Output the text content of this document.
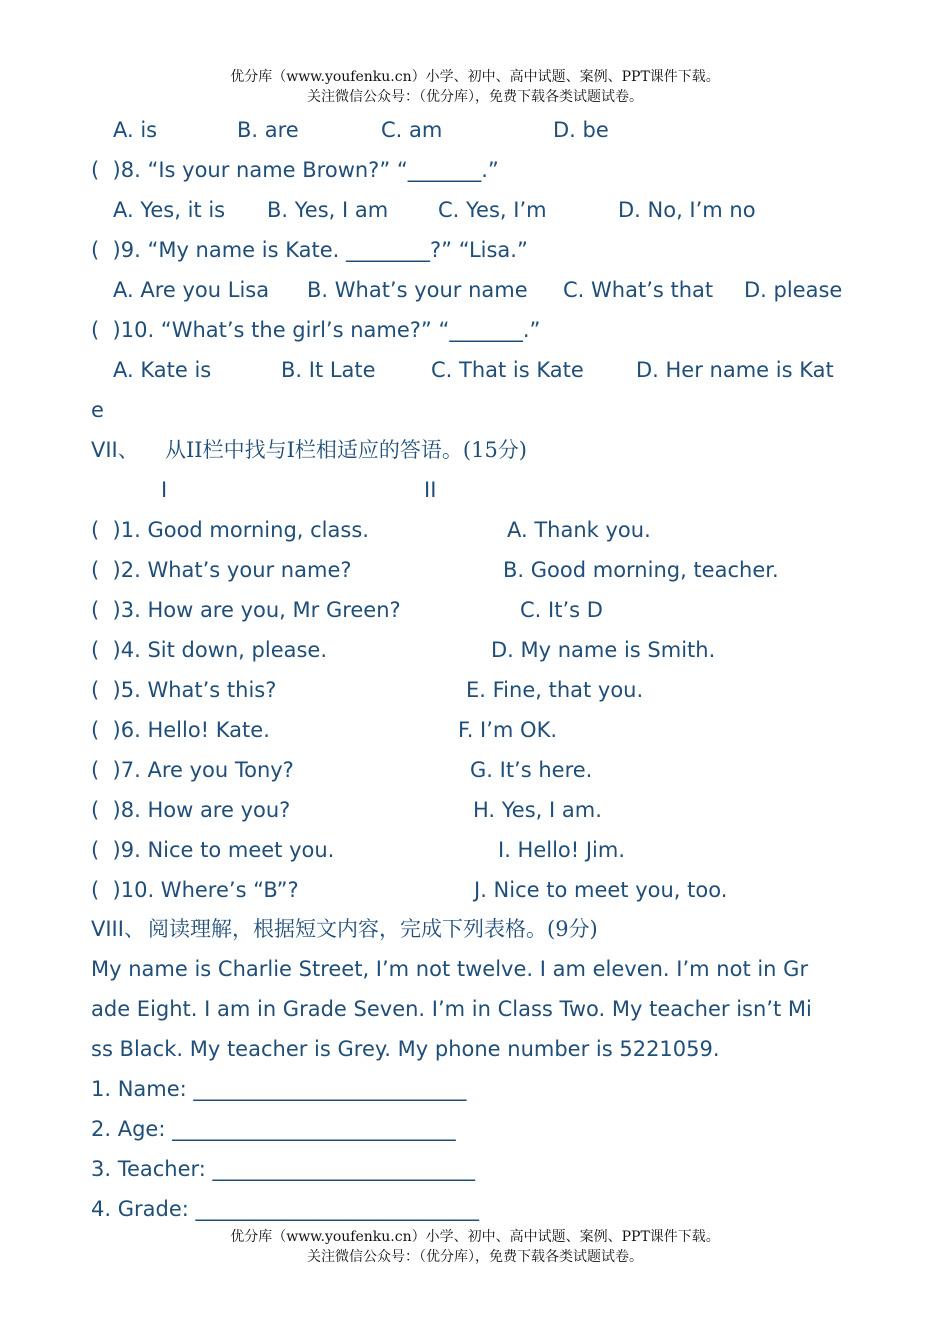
优分库（www.youfenku.cn）小学、初中、高中试题、案例、PPT课件下载。
关注微信公众号：（优分库），免费下载各类试题试卷。
A. is	B. are	C. am	D. be
(  )8. “Is your name Brown?” “_______.”
A. Yes, it is B. Yes, I am C. Yes, I’m	D. No, I’m no
(  )9. “My name is Kate. ________?” “Lisa.”
A. Are you Lisa B. What’s your name C. What’s that D. please
(  )10. “What’s the girl’s name?” “_______.”
A. Kate is	B. It Late	C. That is Kate D. Her name is Kat
e
VII、 从II栏中找与I栏相适应的答语。(15分)
I	II
(  )1. Good morning, class.	A. Thank you.
(  )2. What’s your name?	B. Good morning, teacher.
(  )3. How are you, Mr Green?	C. It’s D
(  )4. Sit down, please.	D. My name is Smith.
(  )5. What’s this?	E. Fine, that you.
(  )6. Hello! Kate.	F. I’m OK.
(  )7. Are you Tony?	G. It’s here.
(  )8. How are you?	H. Yes, I am.
(  )9. Nice to meet you.	I. Hello! Jim.
(  )10. Where’s “B”?	J. Nice to meet you, too.
VIII、 阅读理解，根据短文内容，完成下列表格。(9分)
My name is Charlie Street, I’m not twelve. I am eleven. I’m not in Gr
ade Eight. I am in Grade Seven. I’m in Class Two. My teacher isn’t Mi
ss Black. My teacher is Grey. My phone number is 5221059.
1. Name: __________________________
2. Age: ___________________________
3. Teacher: _________________________
4. Grade: ___________________________
优分库（www.youfenku.cn）小学、初中、高中试题、案例、PPT课件下载。
关注微信公众号：（优分库），免费下载各类试题试卷。
